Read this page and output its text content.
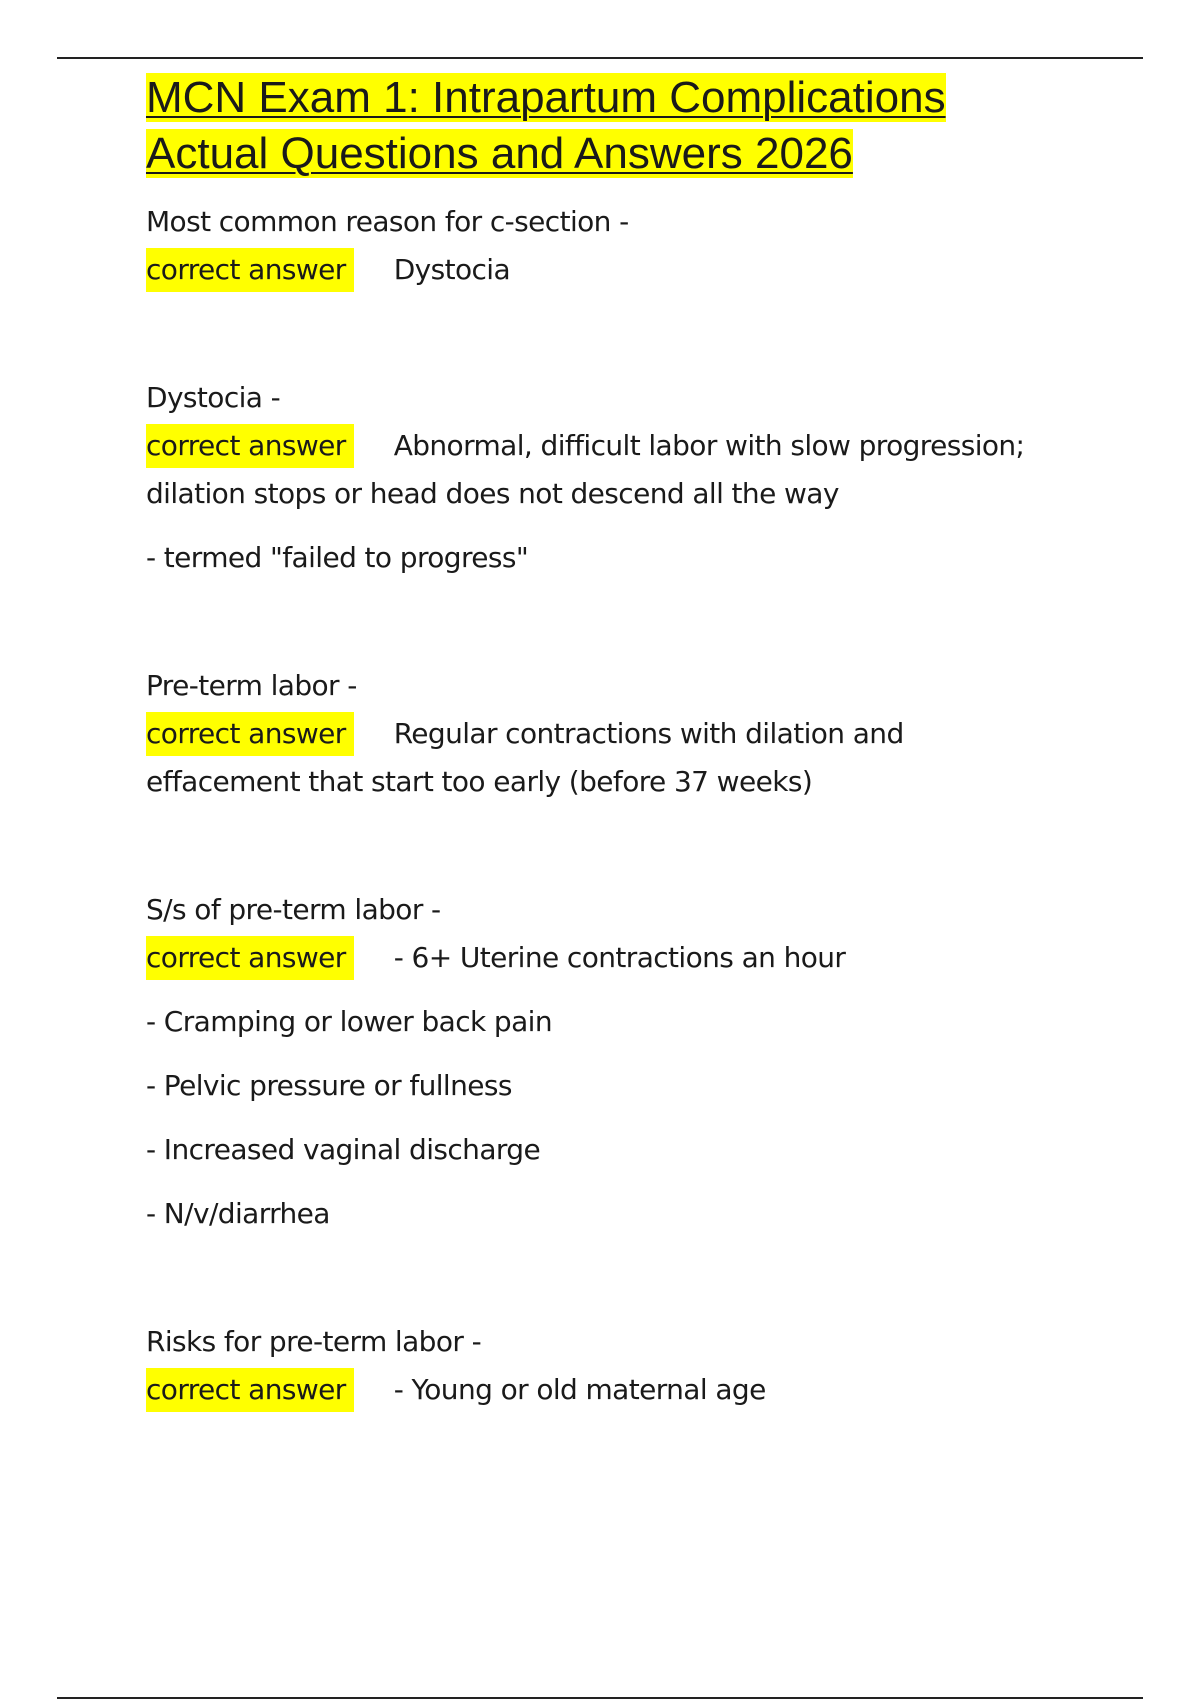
MCN Exam 1: Intrapartum Complications
Actual Questions and Answers 2026

Most common reason for c-section -

correct answer Dystocia

Dystocia -

correct answer Abnormal, difficult labor with slow progression;

dilation stops or head does not descend all the way

- termed "failed to progress"

Pre-term labor -

correct answer Regular contractions with dilation and

effacement that start too early (before 37 weeks)

S/s of pre-term labor -

correct answer - 6+ Uterine contractions an hour

- Cramping or lower back pain

- Pelvic pressure or fullness

- Increased vaginal discharge

- N/v/diarrhea

Risks for pre-term labor -

correct answer - Young or old maternal age
